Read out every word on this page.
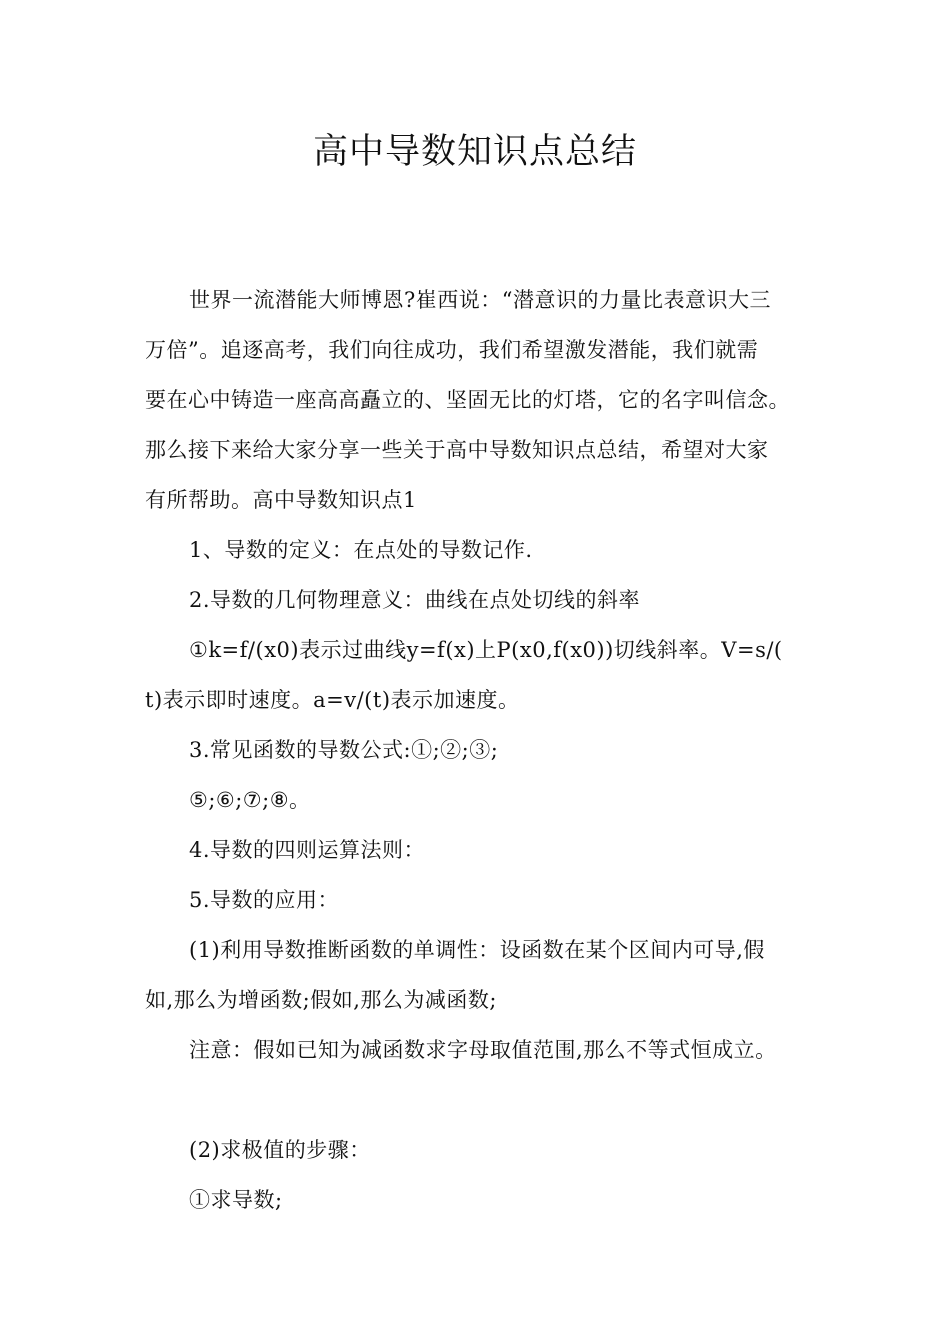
高中导数知识点总结
世界一流潜能大师博恩?崔西说：“潜意识的力量比表意识大三
万倍”。追逐高考，我们向往成功，我们希望激发潜能，我们就需
要在心中铸造一座高高矗立的、坚固无比的灯塔，它的名字叫信念。
那么接下来给大家分享一些关于高中导数知识点总结，希望对大家
有所帮助。高中导数知识点1
1、导数的定义：在点处的导数记作.
2.导数的几何物理意义：曲线在点处切线的斜率
①k=f/(x0)表示过曲线y=f(x)上P(x0,f(x0))切线斜率。V=s/(
t)表示即时速度。a=v/(t)表示加速度。
3.常见函数的导数公式:①;②;③;
⑤;⑥;⑦;⑧。
4.导数的四则运算法则：
5.导数的应用：
(1)利用导数推断函数的单调性：设函数在某个区间内可导,假
如,那么为增函数;假如,那么为减函数;
注意：假如已知为减函数求字母取值范围,那么不等式恒成立。
(2)求极值的步骤：
①求导数;
